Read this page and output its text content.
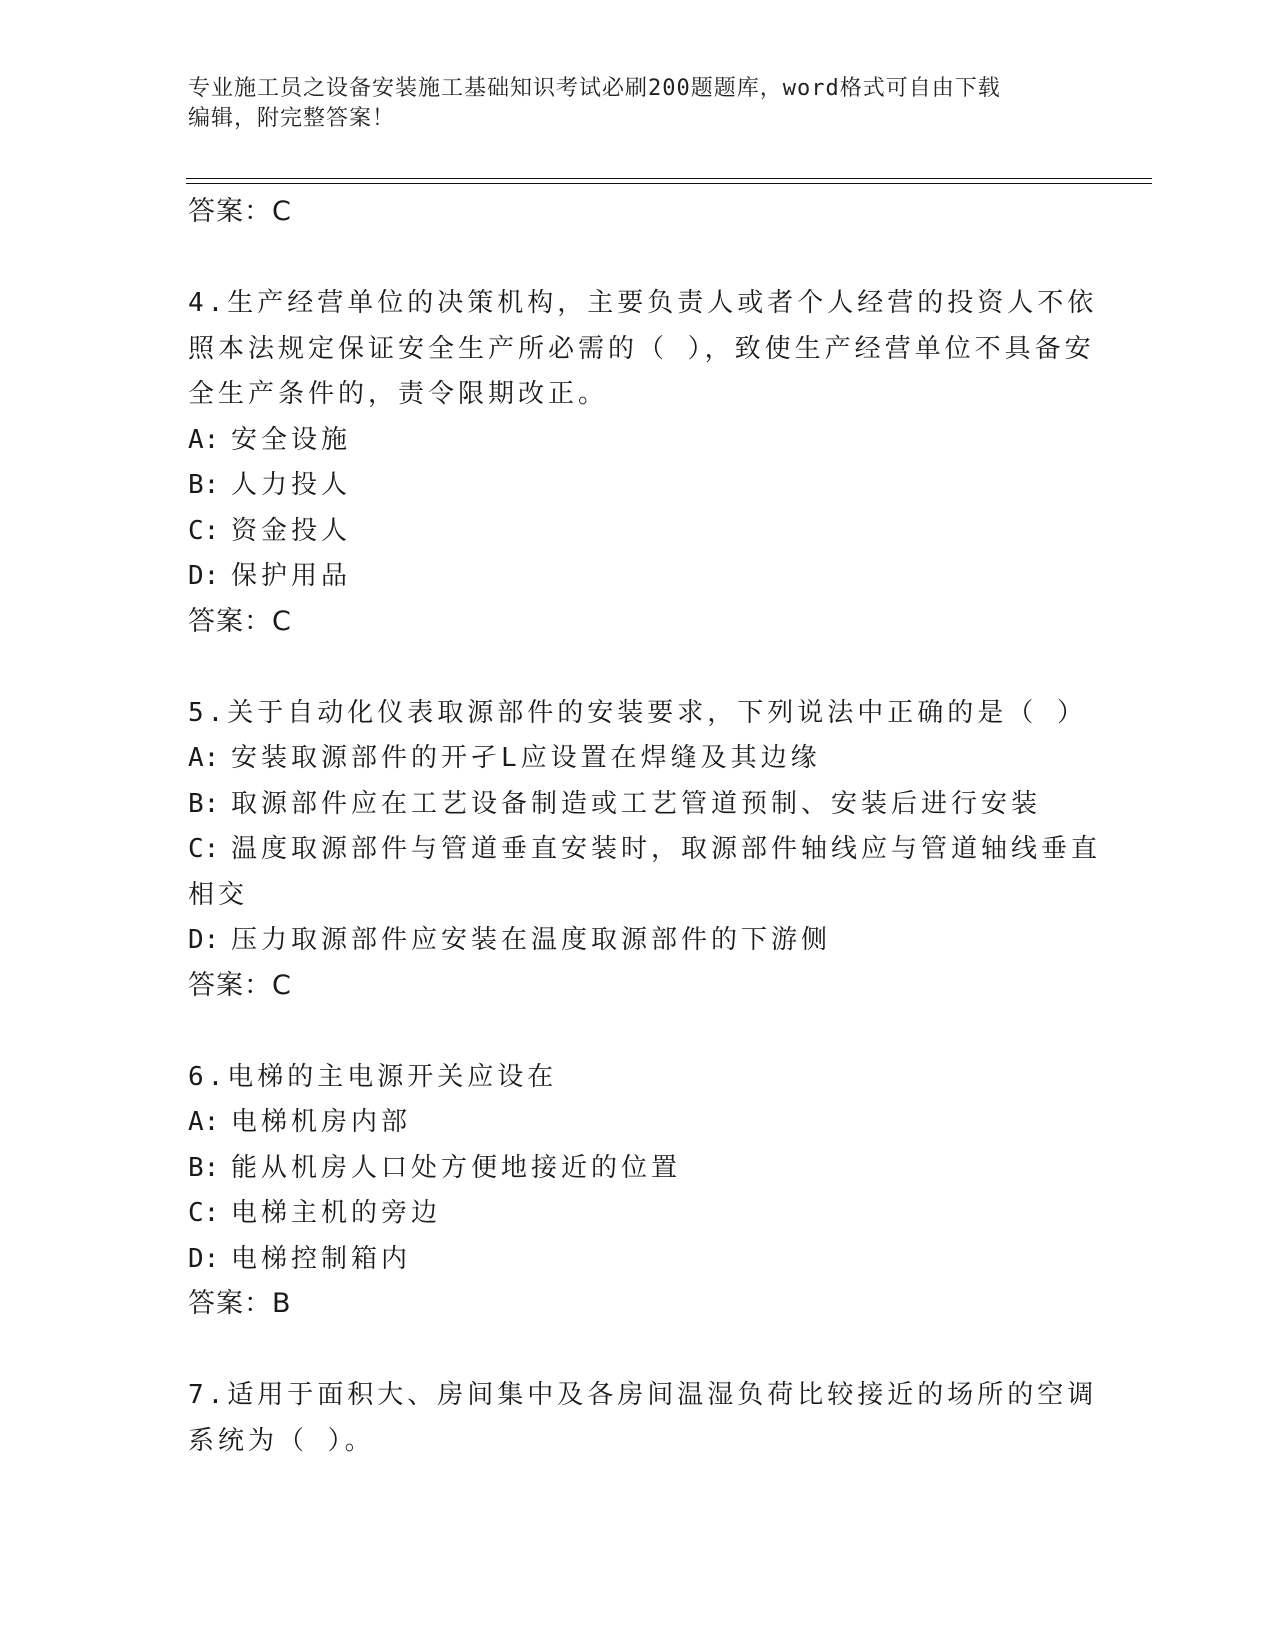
专业施工员之设备安装施工基础知识考试必刷200题题库，word格式可自由下载
编辑，附完整答案！
答案：C
4.生产经营单位的决策机构，主要负责人或者个人经营的投资人不依
照本法规定保证安全生产所必需的（ ），致使生产经营单位不具备安
全生产条件的，责令限期改正。
A: 安全设施
B: 人力投人
C: 资金投人
D: 保护用品
答案：C
5.关于自动化仪表取源部件的安装要求，下列说法中正确的是（ ）
A: 安装取源部件的开孑L应设置在焊缝及其边缘
B: 取源部件应在工艺设备制造或工艺管道预制、安装后进行安装
C: 温度取源部件与管道垂直安装时，取源部件轴线应与管道轴线垂直
相交
D: 压力取源部件应安装在温度取源部件的下游侧
答案：C
6.电梯的主电源开关应设在
A: 电梯机房内部
B: 能从机房人口处方便地接近的位置
C: 电梯主机的旁边
D: 电梯控制箱内
答案：B
7.适用于面积大、房间集中及各房间温湿负荷比较接近的场所的空调
系统为（ ）。
